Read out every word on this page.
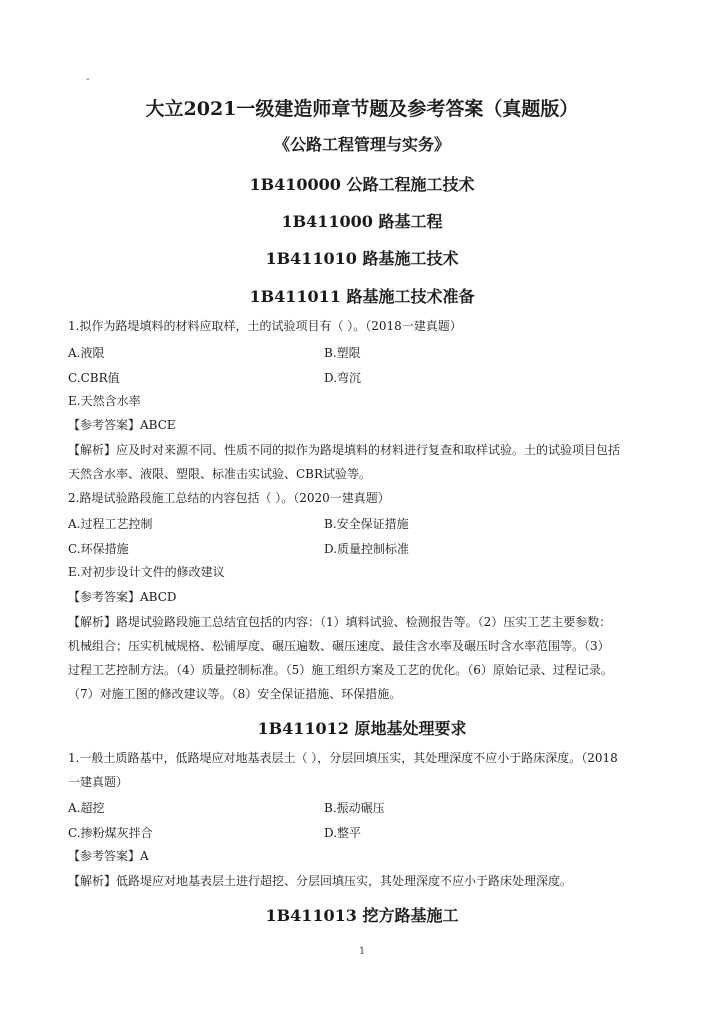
-
大立2021一级建造师章节题及参考答案（真题版）
《公路工程管理与实务》
1B410000 公路工程施工技术
1B411000 路基工程
1B411010 路基施工技术
1B411011 路基施工技术准备
1.拟作为路堤填料的材料应取样，土的试验项目有（ ）。（2018一建真题）
A.液限	B.塑限
C.CBR值	D.弯沉
E.天然含水率
【参考答案】ABCE
【解析】应及时对来源不同、性质不同的拟作为路堤填料的材料进行复查和取样试验。土的试验项目包括
天然含水率、液限、塑限、标准击实试验、CBR试验等。
2.路堤试验路段施工总结的内容包括（ ）。（2020一建真题）
A.过程工艺控制	B.安全保证措施
C.环保措施	D.质量控制标准
E.对初步设计文件的修改建议
【参考答案】ABCD
【解析】路堤试验路段施工总结宜包括的内容：（1）填料试验、检测报告等。（2）压实工艺主要参数：
机械组合；压实机械规格、松铺厚度、碾压遍数、碾压速度、最佳含水率及碾压时含水率范围等。（3）
过程工艺控制方法。（4）质量控制标准。（5）施工组织方案及工艺的优化。（6）原始记录、过程记录。
（7）对施工图的修改建议等。（8）安全保证措施、环保措施。
1B411012 原地基处理要求
1.一般土质路基中，低路堤应对地基表层土（ ），分层回填压实，其处理深度不应小于路床深度。（2018
一建真题）
A.超挖	B.振动碾压
C.掺粉煤灰拌合	D.整平
【参考答案】A
【解析】低路堤应对地基表层土进行超挖、分层回填压实，其处理深度不应小于路床处理深度。
1B411013 挖方路基施工
1
